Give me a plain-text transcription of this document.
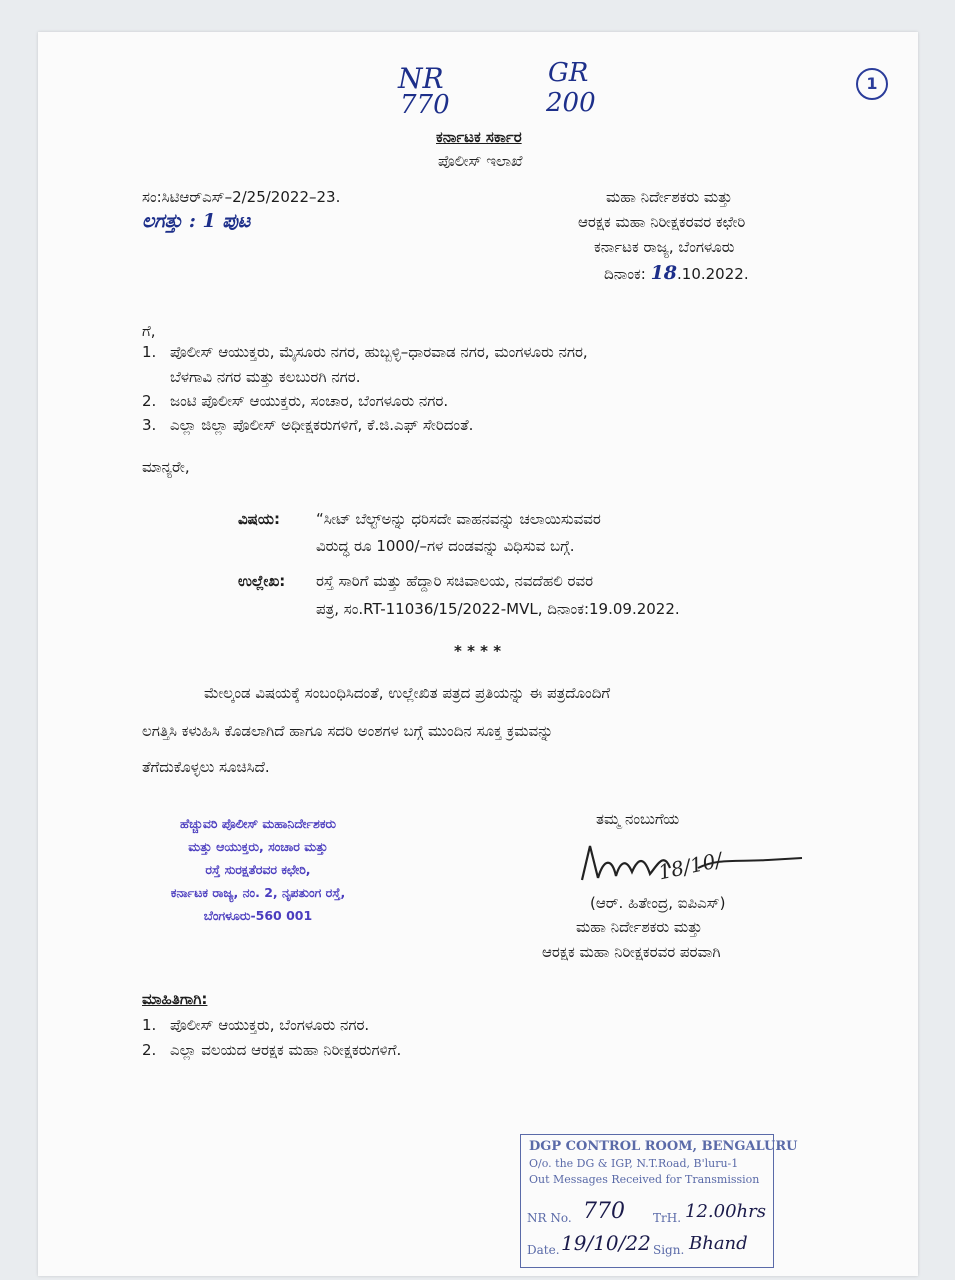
NR
770
GR
200
1
ಕರ್ನಾಟಕ ಸರ್ಕಾರ
ಪೊಲೀಸ್ ಇಲಾಖೆ
ಸಂ:ಸಿಟಿಆರ್‌ಎಸ್–2/25/2022–23.
ಲಗತ್ತು : 1 ಪುಟ
ಮಹಾ ನಿರ್ದೇಶಕರು ಮತ್ತು
ಆರಕ್ಷಕ ಮಹಾ ನಿರೀಕ್ಷಕರವರ ಕಛೇರಿ
ಕರ್ನಾಟಕ ರಾಜ್ಯ, ಬೆಂಗಳೂರು
ದಿನಾಂಕ: 18.10.2022.
ಗೆ,
1. ಪೊಲೀಸ್ ಆಯುಕ್ತರು, ಮೈಸೂರು ನಗರ, ಹುಬ್ಬಳ್ಳಿ–ಧಾರವಾಡ ನಗರ, ಮಂಗಳೂರು ನಗರ,
ಬೆಳಗಾವಿ ನಗರ ಮತ್ತು ಕಲಬುರಗಿ ನಗರ.
2. ಜಂಟಿ ಪೊಲೀಸ್ ಆಯುಕ್ತರು, ಸಂಚಾರ, ಬೆಂಗಳೂರು ನಗರ.
3. ಎಲ್ಲಾ ಜಿಲ್ಲಾ ಪೊಲೀಸ್ ಅಧೀಕ್ಷಕರುಗಳಿಗೆ, ಕೆ.ಜಿ.ಎಫ್ ಸೇರಿದಂತೆ.
ಮಾನ್ಯರೇ,
ವಿಷಯ: “ಸೀಟ್ ಬೆಲ್ಟ್‌ಅನ್ನು ಧರಿಸದೇ ವಾಹನವನ್ನು ಚಲಾಯಿಸುವವರ
ವಿರುದ್ಧ ರೂ 1000/–ಗಳ ದಂಡವನ್ನು ವಿಧಿಸುವ ಬಗ್ಗೆ.
ಉಲ್ಲೇಖ: ರಸ್ತೆ ಸಾರಿಗೆ ಮತ್ತು ಹೆದ್ದಾರಿ ಸಚಿವಾಲಯ, ನವದೆಹಲಿ ರವರ
ಪತ್ರ, ಸಂ.RT-11036/15/2022-MVL, ದಿನಾಂಕ:19.09.2022.
* * * *
ಮೇಲ್ಕಂಡ ವಿಷಯಕ್ಕೆ ಸಂಬಂಧಿಸಿದಂತೆ, ಉಲ್ಲೇಖಿತ ಪತ್ರದ ಪ್ರತಿಯನ್ನು ಈ ಪತ್ರದೊಂದಿಗೆ
ಲಗತ್ತಿಸಿ ಕಳುಹಿಸಿ ಕೊಡಲಾಗಿದೆ ಹಾಗೂ ಸದರಿ ಅಂಶಗಳ ಬಗ್ಗೆ ಮುಂದಿನ ಸೂಕ್ತ ಕ್ರಮವನ್ನು
ತೆಗೆದುಕೊಳ್ಳಲು ಸೂಚಿಸಿದೆ.
ಹೆಚ್ಚುವರಿ ಪೊಲೀಸ್ ಮಹಾನಿರ್ದೇಶಕರು
ಮತ್ತು ಆಯುಕ್ತರು, ಸಂಚಾರ ಮತ್ತು
ರಸ್ತೆ ಸುರಕ್ಷತೆರವರ ಕಛೇರಿ,
ಕರ್ನಾಟಕ ರಾಜ್ಯ, ನಂ. 2, ನೃಪತುಂಗ ರಸ್ತೆ,
ಬೆಂಗಳೂರು-560 001
ತಮ್ಮ ನಂಬುಗೆಯ
18/10/
(ಆರ್. ಹಿತೇಂದ್ರ, ಐಪಿಎಸ್)
ಮಹಾ ನಿರ್ದೇಶಕರು ಮತ್ತು
ಆರಕ್ಷಕ ಮಹಾ ನಿರೀಕ್ಷಕರವರ ಪರವಾಗಿ
ಮಾಹಿತಿಗಾಗಿ:
1. ಪೊಲೀಸ್ ಆಯುಕ್ತರು, ಬೆಂಗಳೂರು ನಗರ.
2. ಎಲ್ಲಾ ವಲಯದ ಆರಕ್ಷಕ ಮಹಾ ನಿರೀಕ್ಷಕರುಗಳಿಗೆ.
DGP CONTROL ROOM, BENGALURU
O/o. the DG & IGP, N.T.Road, B'luru-1
Out Messages Received for Transmission
NR No. 770 TrH. 12.00hrs
Date. 19/10/22 Sign. Bhand
